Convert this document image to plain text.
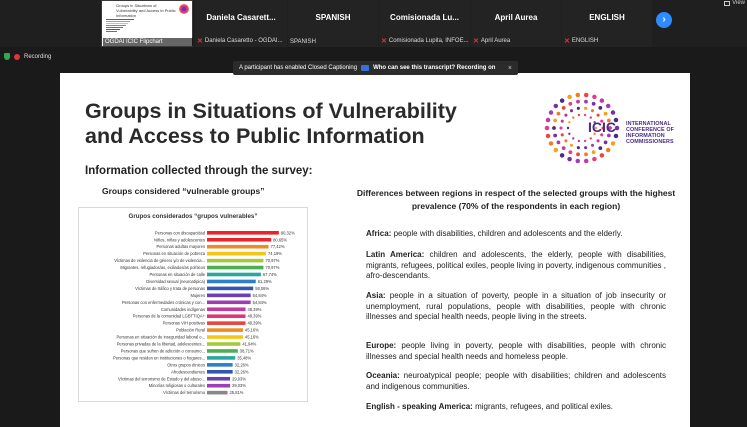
Groups in Situations of Vulnerability and Access to Public Information
OGDAI ICIC Flipchart
Daniela Casarett...
✕ Daniela Casaretto - OGDAI...
SPANISH
SPANISH
Comisionada Lu...
✕ Comisionada Lupita, INFOE...
April Aurea
✕ April Aurea
ENGLISH
✕ ENGLISH
›
View
Recording
Groups in Situations of Vulnerability
and Access to Public Information	ICIC INTERNATIONAL
CONFERENCE OF
INFORMATION
COMMISSIONERS
Information collected through the survey:
Groups considered “vulnerable groups”
Grupos considerados “grupos vulnerables”
Personas con discapacidad	90,32%
Niños, niñas y adolescentes	80,65%
Personas adultas mayores	77,42%
Personas en situación de pobreza	74,19%
Víctimas de violencia de género y/o de violencia...	70,97%
Migrantes, refugiados/as, exiliados/as políticos	70,97%
Personas en situación de calle	67,74%
Diversidad sexual (neuroatípica)	61,29%
Víctimas de tráfico y trata de personas	58,06%
Mujeres	54,84%
Personas con enfermedades crónicas y con...	54,84%
Comunidades indígenas	48,39%
Personas de la comunidad LGBTTIQA+	48,39%
Personas VIH positivas	48,39%
Población Rural	45,16%
Personas en situación de inseguridad laboral o...	45,16%
Personas privadas de la libertad, adolescentes...	41,94%
Personas que sufren de adicción o consumo...	38,71%
Personas que residen en instituciones o hogares...	35,48%
Otros grupos étnicos	32,26%
Afrodescendientes	32,26%
Víctimas del terrorismo de Estado y del abuso...	29,03%
Minorías religiosas o culturales	29,03%
Víctimas del terrorismo	25,81%
Differences between regions in respect of the selected groups with the highest prevalence (70% of the respondents in each region)
Africa: people with disabilities, children and adolescents and the elderly.
Latin America: children and adolescents, the elderly, people with disabilities, migrants, refugees, political exiles, people living in poverty, indigenous communities , afro-descendants.
Asia: people in a situation of poverty, people in a situation of job insecurity or unemployment, rural populations, people with disabilities, people with chronic illnesses and special health needs, people living in the streets.
Europe: people living in poverty, people with disabilities, people with chronic illnesses and special health needs and homeless people.
Oceania: neuroatypical people; people with disabilities; children and adolescents and indigenous communities.
English - speaking America: migrants, refugees, and political exiles.
A participant has enabled Closed Captioning	Who can see this transcript? Recording on ×
